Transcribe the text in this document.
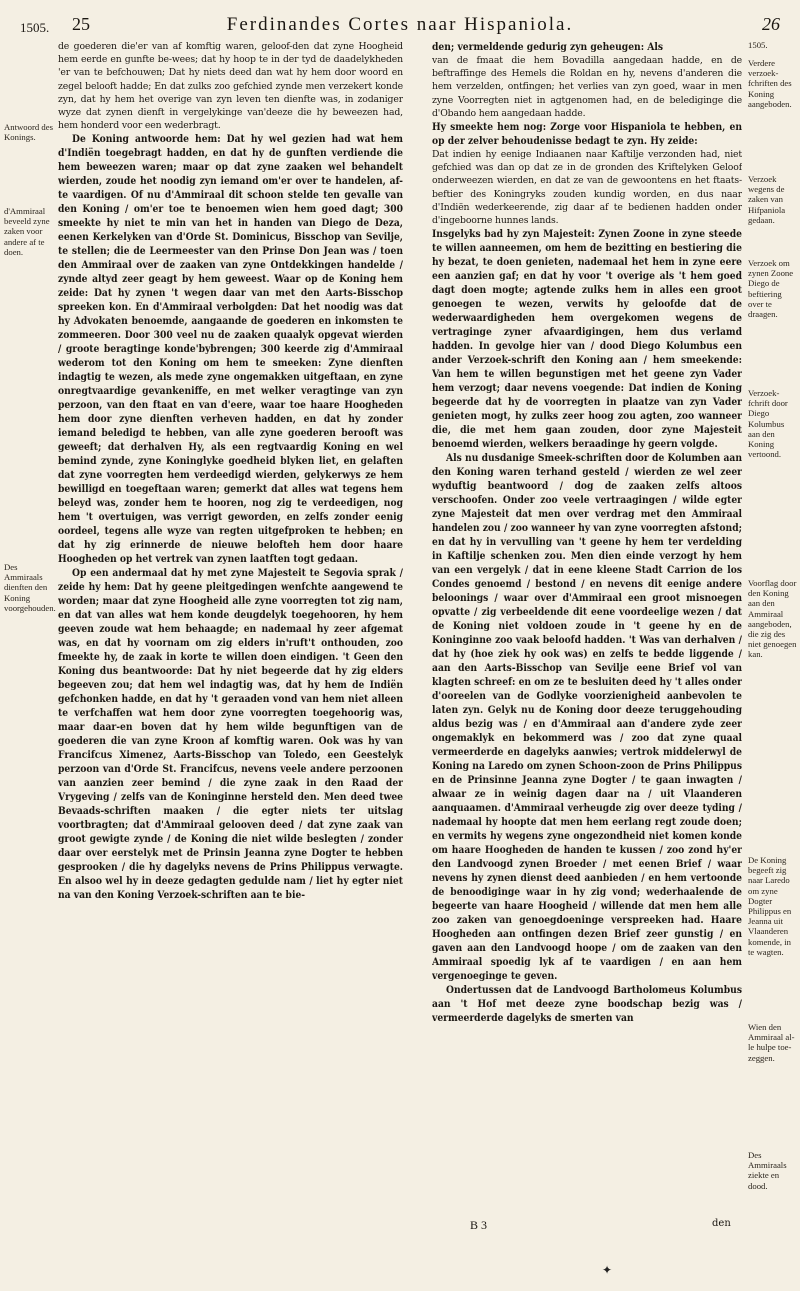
1505. 25	Ferdinandes Cortes naar Hispaniola.	26

de goederen die'er van af komftig waren, geloof-den dat zyne Hoogheid hem eerde en gunfte be-wees; dat hy hoop te in der tyd de daadelykheden 'er van te befchouwen; Dat hy niets deed dan wat hy hem door woord en zegel belooft hadde; En dat zulks zoo gefchied zynde men verzekert konde zyn, dat hy hem het overige van zyn leven ten dienfte was, in zodaniger wyze dat zynen dienft in vergelykinge van'deeze die hy beweezen had, hem honderd voor een wederbragt.

De Koning antwoorde hem: Dat hy wel gezien had wat hem d'Indiën toegebragt hadden, en dat hy de gunften verdiende die hem beweezen waren; maar op dat zyne zaaken wel behandelt wierden, zoude het noodig zyn iemand om'er over te handelen, af-te vaardigen. Of nu d'Ammiraal dit schoon stelde ten gevalle van den Koning / om'er toe te benoemen wien hem goed dagt; 300 smeekte hy niet te min van het in handen van Diego de Deza, eenen Kerkelyken van d'Orde St. Dominicus, Bisschop van Sevilje, te stellen; die de Leermeester van den Prinse Don Jean was / toen den Ammiraal over de zaaken van zyne Ontdekkingen handelde / zynde altyd zeer geagt by hem geweest. Waar op de Koning hem zeide: Dat hy zynen 't wegen daar van met den Aarts-Bisschop spreeken kon. En d'Ammiraal verbolgden: Dat het noodig was dat hy Advokaten benoemde, aangaande de goederen en inkomsten te zommeeren. Door 300 veel nu de zaaken quaalyk opgevat wierden / groote beragtinge konde'bybrengen; 300 keerde zig d'Ammiraal wederom tot den Koning om hem te smeeken: Zyne dienften indagtig te wezen, als mede zyne ongemakken uitgeftaan, en zyne onregtvaardige gevankeniffe, en met welker veragtinge van zyn perzoon, van den ftaat en van d'eere, waar toe haare Hoogheden hem door zyne dienften verheven hadden, en dat hy zonder iemand beledigd te hebben, van alle zyne goederen berooft was geweeft; dat derhalven Hy, als een regtvaardig Koning en wel bemind zynde, zyne Koninglyke goedheid blyken liet, en gelaften dat zyne voorregten hem verdeedigd wierden, gelykerwys ze hem bewilligd en toegeftaan waren; gemerkt dat alles wat tegens hem beleyd was, zonder hem te hooren, nog zig te verdeedigen, nog hem 't overtuigen, was verrigt geworden, en zelfs zonder eenig oordeel, tegens alle wyze van regten uitgefproken te hebben; en dat hy zig erinnerde de nieuwe belofteh hem door haare Hoogheden op het vertrek van zynen laatften togt gedaan.

Op een andermaal dat hy met zyne Majesteit te Segovia sprak / zeide hy hem: Dat hy geene pleitgedingen wenfchte aangewend te worden; maar dat zyne Hoogheid alle zyne voorregten tot zig nam, en dat van alles wat hem konde deugdelyk toegehooren, hy hem geeven zoude wat hem behaagde; en nademaal hy zeer afgemat was, en dat hy voornam om zig elders in'ruft't onthouden, zoo fmeekte hy, de zaak in korte te willen doen eindigen. 't Geen den Koning dus beantwoorde: Dat hy niet begeerde dat hy zig elders begeeven zou; dat hem wel indagtig was, dat hy hem de Indiën gefchonken hadde, en dat hy 't geraaden vond van hem niet alleen te verfchaffen wat hem door zyne voorregten toegehoorig was, maar daar-en boven dat hy hem wilde begunftigen van de goederen die van zyne Kroon af komftig waren. Ook was hy van Francifcus Ximenez, Aarts-Bisschop van Toledo, een Geestelyk perzoon van d'Orde St. Francifcus, nevens veele andere perzoonen van aanzien zeer bemind / die zyne zaak in den Raad der Vrygeving / zelfs van de Koninginne hersteld den. Men deed twee Bevaads-schriften maaken / die egter niets ter uitslag voortbragten; dat d'Ammiraal gelooven deed / dat zyne zaak van groot gewigte zynde / de Koning die niet wilde beslegten / zonder daar over eerstelyk met de Prinsin Jeanna zyne Dogter te hebben gesprooken / die hy dagelyks nevens de Prins Philippus verwagte. En alsoo wel hy in deeze gedagten gedulde nam / liet hy egter niet na van den Koning Verzoek-schriften aan te bie-

den; vermeldende gedurig zyn geheugen: Als

van de fmaat die hem Bovadilla aangedaan hadde, en de beftraffinge des Hemels die Roldan en hy, nevens d'anderen die hem verzelden, ontfingen; het verlies van zyn goed, waar in men zyne Voorregten niet in agtgenomen had, en de belediginge die d'Obando hem aangedaan hadde.

Hy smeekte hem nog: Zorge voor Hispaniola te hebben, en op der zelver behoudenisse bedagt te zyn. Hy zeide:

Dat indien hy eenige Indiaanen naar Kaftilje verzonden had, niet gefchied was dan op dat ze in de gronden des Kriftelyken Geloof onderweezen wierden, en dat ze van de gewoontens en het ftaats-beftier des Koningryks zouden kundig worden, en dus naar d'Indiën wederkeerende, zig daar af te bedienen hadden onder d'ingeboorne hunnes lands.

Insgelyks bad hy zyn Majesteit: Zynen Zoone in zyne steede te willen aanneemen, om hem de bezitting en bestiering die hy bezat, te doen genieten, nademaal het hem in zyne eere een aanzien gaf; en dat hy voor 't overige als 't hem goed dagt doen mogte; agtende zulks hem in alles een groot genoegen te wezen, verwits hy geloofde dat de wederwaardigheden hem overgekomen wegens de vertraginge zyner afvaardigingen, hem dus verlamd hadden. In gevolge hier van / dood Diego Kolumbus een ander Verzoek-schrift den Koning aan / hem smeekende: Van hem te willen begunstigen met het geene zyn Vader hem verzogt; daar nevens voegende: Dat indien de Koning begeerde dat hy de voorregten in plaatze van zyn Vader genieten mogt, hy zulks zeer hoog zou agten, zoo wanneer die, die met hem gaan zouden, door zyne Majesteit benoemd wierden, welkers beraadinge hy geern volgde.

Als nu dusdanige Smeek-schriften door de Kolumben aan den Koning waren terhand gesteld / wierden ze wel zeer wyduftig beantwoord / dog de zaaken zelfs altoos verschoofen. Onder zoo veele vertraagingen / wilde egter zyne Majesteit dat men over verdrag met den Ammiraal handelen zou / zoo wanneer hy van zyne voorregten afstond; en dat hy in vervulling van 't geene hy hem ter verdelding in Kaftilje schenken zou. Men dien einde verzogt hy hem van een vergelyk / dat in eene kleene Stadt Carrion de los Condes genoemd / bestond / en nevens dit eenige andere beloonings / waar over d'Ammiraal een groot misnoegen opvatte / zig verbeeldende dit eene voordeelige wezen / dat de Koning niet voldoen zoude in 't geene hy en de Koninginne zoo vaak beloofd hadden. 't Was van derhalven / dat hy (hoe ziek hy ook was) en zelfs te bedde liggende / aan den Aarts-Bisschop van Sevilje eene Brief vol van klagten schreef: en om ze te besluiten deed hy 't alles onder d'ooreelen van de Godlyke voorzienigheid aanbevolen te laten zyn. Gelyk nu de Koning door deeze teruggehouding aldus bezig was / en d'Ammiraal aan d'andere zyde zeer ongemaklyk en bekommerd was / zoo dat zyne quaal vermeerderde en dagelyks aanwies; vertrok middelerwyl de Koning na Laredo om zynen Schoon-zoon de Prins Philippus en de Prinsinne Jeanna zyne Dogter / te gaan inwagten / alwaar ze in weinig dagen daar na / uit Vlaanderen aanquaamen. d'Ammiraal verheugde zig over deeze tyding / nademaal hy hoopte dat men hem eerlang regt zoude doen; en vermits hy wegens zyne ongezondheid niet komen konde om haare Hoogheden de handen te kussen / zoo zond hy'er den Landvoogd zynen Broeder / met eenen Brief / waar nevens hy zynen dienst deed aanbieden / en hem vertoonde de benoodiginge waar in hy zig vond; wederhaalende de begeerte van haare Hoogheid / willende dat men hem alle zoo zaken van genoegdoeninge verspreeken had. Haare Hoogheden aan ontfingen dezen Brief zeer gunstig / en gaven aan den Landvoogd hoope / om de zaaken van den Ammiraal spoedig lyk af te vaardigen / en aan hem vergenoeginge te geven.

Ondertussen dat de Landvoogd Bartholomeus Kolumbus aan 't Hof met deeze zyne boodschap bezig was / vermeerderde dagelyks de smerten van

Antwoord des Konings.
d'Ammiraal beveeld zyne zaken voor andere af te doen.
Des Ammiraals dienften den Koning voorgehouden.
1505.
Verdere verzoek-fchriften des Koning aangeboden.
Verzoek wegens de zaken van Hifpaniola gedaan.
Verzoek om zynen Zoone Diego de beftiering over te draagen.
Verzoek-fchrift door Diego Kolumbus aan den Koning vertoond.
Voorflag door den Koning aan den Ammiraal aangeboden, die zig des niet genoegen kan.
De Koning begeeft zig naar Laredo om zyne Dogter Philippus en Jeanna uit Vlaanderen komende, in te wagten.
Wien den Ammiraal al-le hulpe toe-zeggen.
Des Ammiraals ziekte en dood.
B 3	den
✦
